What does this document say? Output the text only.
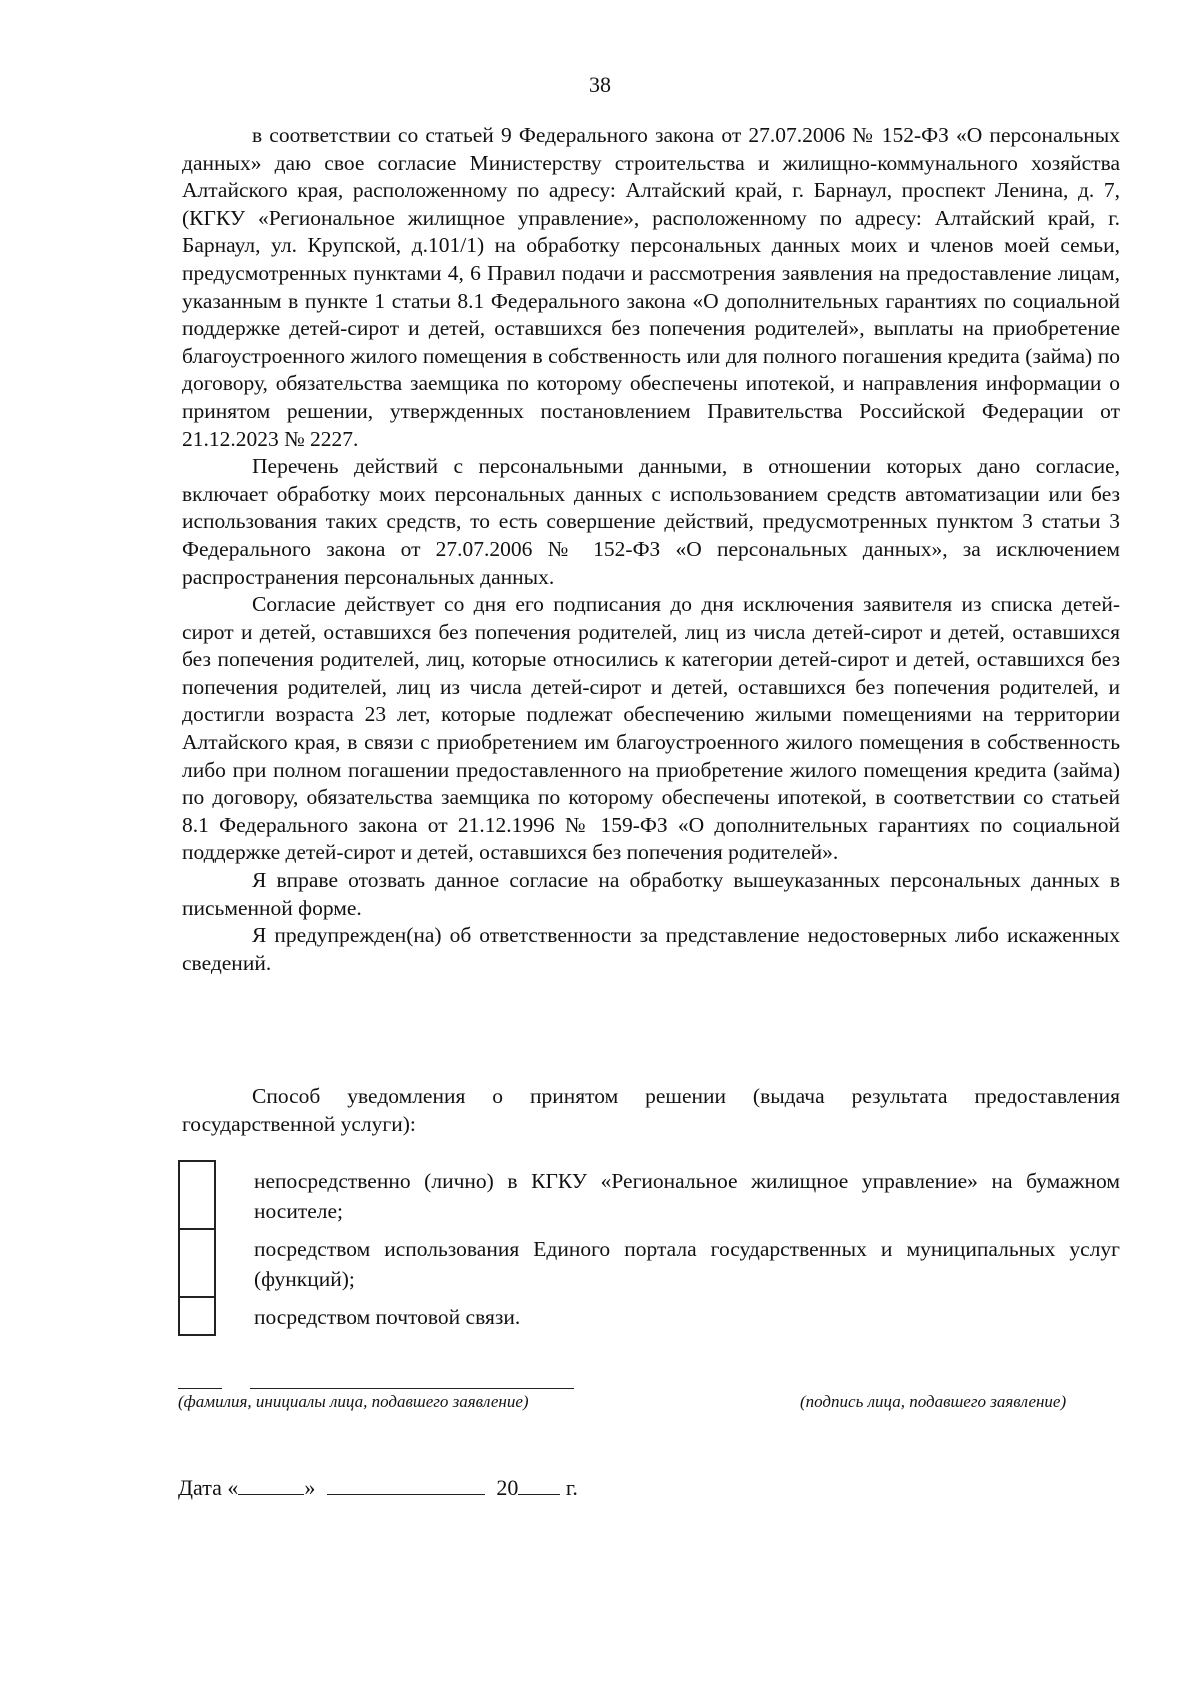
38

в соответствии со статьей 9 Федерального закона от 27.07.2006 № 152-ФЗ «О персональных данных» даю свое согласие Министерству строительства и жилищно-коммунального хозяйства Алтайского края, расположенному по адресу: Алтайский край, г. Барнаул, проспект Ленина, д. 7, (КГКУ «Региональное жилищное управление», расположенному по адресу: Алтайский край, г. Барнаул, ул. Крупской, д.101/1) на обработку персональных данных моих и членов моей семьи, предусмотренных пунктами 4, 6 Правил подачи и рассмотрения заявления на предоставление лицам, указанным в пункте 1 статьи 8.1 Федерального закона «О дополнительных гарантиях по социальной поддержке детей-сирот и детей, оставшихся без попечения родителей», выплаты на приобретение благоустроенного жилого помещения в собственность или для полного погашения кредита (займа) по договору, обязательства заемщика по которому обеспечены ипотекой, и направления информации о принятом решении, утвержденных постановлением Правительства Российской Федерации от 21.12.2023 № 2227.

Перечень действий с персональными данными, в отношении которых дано согласие, включает обработку моих персональных данных с использованием средств автоматизации или без использования таких средств, то есть совершение действий, предусмотренных пунктом 3 статьи 3 Федерального закона от 27.07.2006 № 152-ФЗ «О персональных данных», за исключением распространения персональных данных.

Согласие действует со дня его подписания до дня исключения заявителя из списка детей-сирот и детей, оставшихся без попечения родителей, лиц из числа детей-сирот и детей, оставшихся без попечения родителей, лиц, которые относились к категории детей-сирот и детей, оставшихся без попечения родителей, лиц из числа детей-сирот и детей, оставшихся без попечения родителей, и достигли возраста 23 лет, которые подлежат обеспечению жилыми помещениями на территории Алтайского края, в связи с приобретением им благоустроенного жилого помещения в собственность либо при полном погашении предоставленного на приобретение жилого помещения кредита (займа) по договору, обязательства заемщика по которому обеспечены ипотекой, в соответствии со статьей 8.1 Федерального закона от 21.12.1996 № 159-ФЗ «О дополнительных гарантиях по социальной поддержке детей-сирот и детей, оставшихся без попечения родителей».

Я вправе отозвать данное согласие на обработку вышеуказанных персональных данных в письменной форме.

Я предупрежден(на) об ответственности за представление недостоверных либо искаженных сведений.

Способ уведомления о принятом решении (выдача результата предоставления государственной услуги):

непосредственно (лично) в КГКУ «Региональное жилищное управление» на бумажном носителе;
посредством использования Единого портала государственных и муниципальных услуг (функций);
посредством почтовой связи.
(фамилия, инициалы лица, подавшего заявление)	(подпись лица, подавшего заявление)
Дата «	»	20 г.
